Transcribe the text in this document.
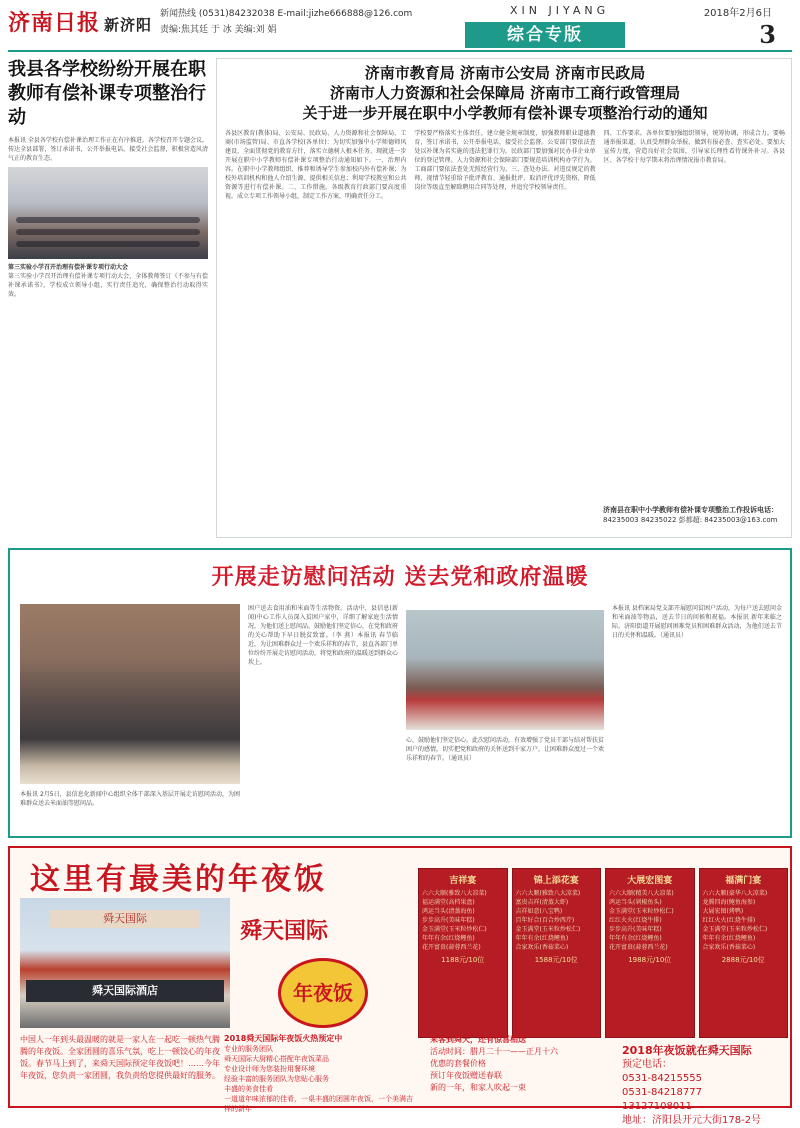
济南日报 新济阳
新闻热线 (0531)84232038 E-mail:jizhe666888@126.com
责编:焦其廷 于 冰 美编:刘 娟
XIN JIYANG	2018年2月6日
综合专版	3
我县各学校纷纷开展在职教师有偿补课专项整治行动

本报讯 全县各学校有偿补课治理工作正在有序推进。各学校召开专题会议，传达全县部署，签订承诺书，公开举报电话，接受社会监督，积极营造风清气正的教育生态。

第三实验小学召开治理有偿补课专项行动大会

第三实验小学召开治理有偿补课专项行动大会，全体教师签订《不参与有偿补课承诺书》，学校成立领导小组，实行责任追究，确保整治行动取得实效。

济南市教育局 济南市公安局 济南市民政局
济南市人力资源和社会保障局 济南市工商行政管理局
关于进一步开展在职中小学教师有偿补课专项整治行动的通知
各县区教育(教体)局、公安局、民政局、人力资源和社会保障局、工商(市场监管)局、市直各学校(各单位)：为切实加强中小学师德师风建设，全面贯彻党的教育方针，落实立德树人根本任务，现就进一步开展在职中小学教师有偿补课专项整治行动通知如下。一、治理内容。在职中小学教师组织、推荐和诱导学生参加校内外有偿补课；为校外培训机构和他人介绍生源、提供相关信息；利用学校教室和公共资源等进行有偿补课。二、工作措施。各级教育行政部门要高度重视，成立专项工作领导小组，制定工作方案，明确责任分工。
学校要严格落实主体责任，建立健全规章制度，加强教师职业道德教育，签订承诺书，公开举报电话，接受社会监督。公安部门要依法查处以补课为名实施的违法犯罪行为。民政部门要加强对民办非企业单位的登记管理。人力资源和社会保障部门要规范培训机构办学行为。工商部门要依法查处无照经营行为。三、查处办法。对违反规定的教师，视情节轻重给予批评教育、通报批评、取消评优评先资格、降低岗位等级直至解除聘用合同等处理，并追究学校领导责任。
四、工作要求。各单位要加强组织领导，统筹协调，形成合力。要畅通举报渠道，认真受理群众举报，做到有报必查、查实必处。要加大宣传力度，营造良好社会氛围，引导家长理性看待课外补习。各县区、各学校于每学期末将治理情况报市教育局。
济南县在职中小学教师有偿补课专项整治工作投诉电话：
84235003 84235022 彭都超: 84235003@163.com
开展走访慰问活动 送去党和政府温暖
本报讯 2月5日，县信息化新闻中心组织全体干部深入基层开展走访慰问活动，为困难群众送去米面油等慰问品。
困户送去食用油和米面等生活物资。活动中，县信息(新闻)中心工作人员深入贫困户家中，详细了解家庭生活情况，为他们送上慰问品，鼓励他们坚定信心，在党和政府的关心帮助下早日脱贫致富。（李 燕）本报讯 春节临近，为让困难群众过一个欢乐祥和的春节，县直各部门单位纷纷开展走访慰问活动，将党和政府的温暖送到群众心坎上。
心，鼓励他们坚定信心。此次慰问活动，有效增强了党员干部与结对帮扶贫困户的感情，切实把党和政府的关怀送到千家万户，让困难群众度过一个欢乐祥和的春节。（通讯员）
本报讯 县档案局党支部开展慰问贫困户活动，为每户送去慰问金和米面油等物品，送去节日的问候和祝福。本报讯 新年来临之际，济阳街道开展慰问困难党员和困难群众活动，为他们送去节日的关怀和温暖。（通讯员）
这里有最美的年夜饭
舜天国际
舜天国际酒店
舜天国际
年夜饭
吉祥宴
六六大顺(雅致八大凉菜)
福运满堂(高档果盘)
鸿运当头(清蒸海鱼)
步步高升(美味年糕)
金玉满堂(玉米粒炒松仁)
年年有余(红烧鲤鱼)
花开富贵(蒜蓉西兰花)
1188元/10位
锦上添花宴
六六大顺(雅致八大凉菜)
富贵吉祥(清蒸大虾)
吉祥如意(八宝鸭)
百年好合(百合炒西芹)
金玉满堂(玉米粒炒松仁)
年年有余(红烧鲤鱼)
合家欢乐(香菇菜心)
1588元/10位
大展宏图宴
六六大顺(精美八大凉菜)
鸿运当头(剁椒鱼头)
金玉满堂(玉米粒炒松仁)
红红火火(红烧牛排)
步步高升(美味年糕)
年年有余(红烧鲤鱼)
花开富贵(蒜蓉西兰花)
1988元/10位
福满门宴
六六大顺(豪华八大凉菜)
龙腾四海(鲍鱼海参)
大展宏图(烤鸭)
红红火火(红烧牛排)
金玉满堂(玉米粒炒松仁)
年年有余(红烧鲤鱼)
合家欢乐(香菇菜心)
2888元/10位
中国人一年到头最温暖的就是一家人在一起吃一顿热气腾腾的年夜饭。全家团圆的喜乐气氛，吃上一顿饺心的年夜饭。春节马上到了，来舜天国际预定年夜饭吧！……今年年夜饭，您负责一家团圆，我负责给您提供最好的服务。
2018舜天国际年夜饭火热预定中
专业的服务团队
舜天国际大厨精心搭配年夜饭菜品
专业设计师为您装扮用餐环境
经验丰富的服务团队为您贴心服务
丰盛的美食佳肴
一道道年味浓郁的佳肴，一桌丰盛的团圆年夜饭，一个美满吉祥的新年
来客到舜天，还有惊喜相送
活动时间：腊月二十一——正月十六
优惠的套餐价格
预订年夜饭赠送春联
新的一年，和家人吹起一束
2018年夜饭就在舜天国际
预定电话：
0531-84215555
0531-84218777
13127108011
地址：济阳县开元大街178-2号
